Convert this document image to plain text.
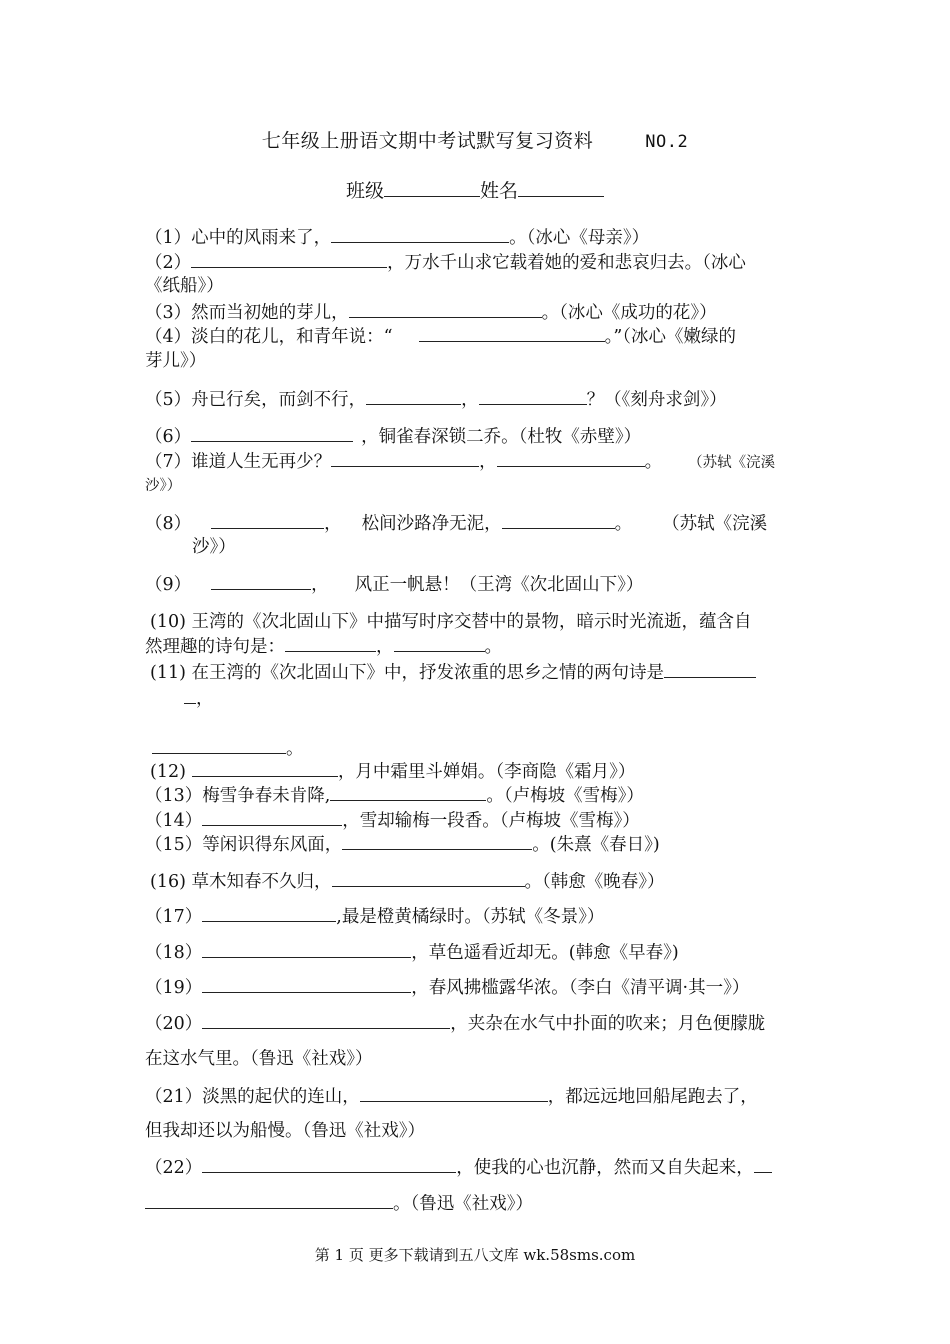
七年级上册语文期中考试默写复习资料	NO.2
班级	姓名
（1）心中的风雨来了，	。（冰心《母亲》）
（2）	，万水千山求它载着她的爱和悲哀归去。（冰心
《纸船》）
（3）然而当初她的芽儿，	。（冰心《成功的花》）
（4）淡白的花儿，和青年说：“	。”（冰心《嫩绿的
芽儿》）
（5）舟已行矣，而剑不行，	，	？（《刻舟求剑》）
（6）	，铜雀春深锁二乔。（杜牧《赤壁》）
（7）谁道人生无再少？	，	。 （苏轼《浣溪
沙》）
（8）	， 松间沙路净无泥，	。 （苏轼《浣溪
沙》）
（9）	， 风正一帆悬！（王湾《次北固山下》）
(10) 王湾的《次北固山下》中描写时序交替中的景物，暗示时光流逝，蕴含自
然理趣的诗句是：	，	。
(11) 在王湾的《次北固山下》中，抒发浓重的思乡之情的两句诗是
，
。
(12)	，月中霜里斗婵娟。（李商隐《霜月》）
（13）梅雪争春未肯降,	。（卢梅坡《雪梅》）
（14）	，雪却输梅一段香。（卢梅坡《雪梅》）
（15）等闲识得东风面，	。(朱熹《春日》)
(16) 草木知春不久归，	。（韩愈《晚春》）
（17）	,最是橙黄橘绿时。（苏轼《冬景》）
（18）	，草色遥看近却无。(韩愈《早春》)
（19）	，春风拂槛露华浓。（李白《清平调·其一》）
（20）	，夹杂在水气中扑面的吹来；月色便朦胧
在这水气里。（鲁迅《社戏》）
（21）淡黑的起伏的连山，	，都远远地回船尾跑去了，
但我却还以为船慢。（鲁迅《社戏》）
（22）	，使我的心也沉静，然而又自失起来，
。（鲁迅《社戏》）
第 1 页 更多下载请到五八文库 wk.58sms.com
